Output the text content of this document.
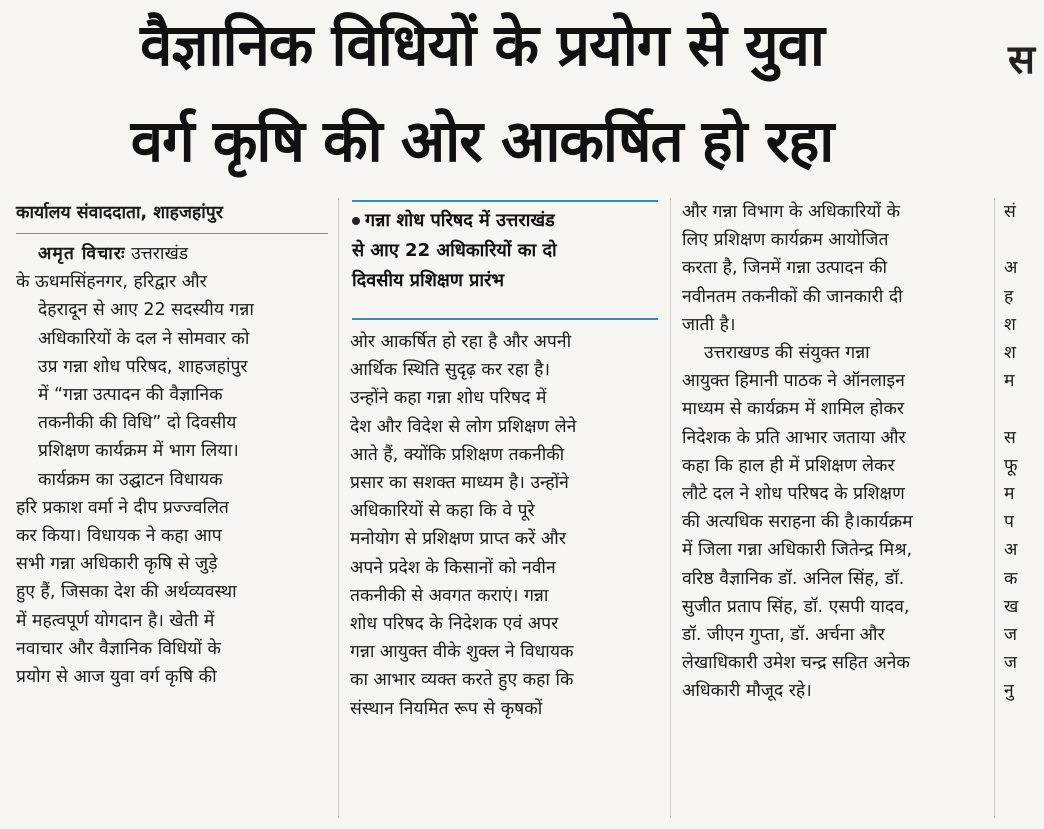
वैज्ञानिक विधियों के प्रयोग से युवा
वर्ग कृषि की ओर आकर्षित हो रहा
स
कार्यालय संवाददाता, शाहजहांपुर

अमृत विचारः उत्तराखंड
के ऊधमसिंहनगर, हरिद्वार और
देहरादून से आए 22 सदस्यीय गन्ना
अधिकारियों के दल ने सोमवार को
उप्र गन्ना शोध परिषद, शाहजहांपुर
में “गन्ना उत्पादन की वैज्ञानिक
तकनीकी की विधि” दो दिवसीय
प्रशिक्षण कार्यक्रम में भाग लिया।

कार्यक्रम का उद्घाटन विधायक
हरि प्रकाश वर्मा ने दीप प्रज्ज्वलित
कर किया। विधायक ने कहा आप
सभी गन्ना अधिकारी कृषि से जुड़े
हुए हैं, जिसका देश की अर्थव्यवस्था
में महत्वपूर्ण योगदान है। खेती में
नवाचार और वैज्ञानिक विधियों के
प्रयोग से आज युवा वर्ग कृषि की

गन्ना शोध परिषद में उत्तराखंड
से आए 22 अधिकारियों का दो
दिवसीय प्रशिक्षण प्रारंभ

ओर आकर्षित हो रहा है और अपनी
आर्थिक स्थिति सुदृढ़ कर रहा है।
उन्होंने कहा गन्ना शोध परिषद में
देश और विदेश से लोग प्रशिक्षण लेने
आते हैं, क्योंकि प्रशिक्षण तकनीकी
प्रसार का सशक्त माध्यम है। उन्होंने
अधिकारियों से कहा कि वे पूरे
मनोयोग से प्रशिक्षण प्राप्त करें और
अपने प्रदेश के किसानों को नवीन
तकनीकी से अवगत कराएं। गन्ना
शोध परिषद के निदेशक एवं अपर
गन्ना आयुक्त वीके शुक्ल ने विधायक
का आभार व्यक्त करते हुए कहा कि
संस्थान नियमित रूप से कृषकों

और गन्ना विभाग के अधिकारियों के
लिए प्रशिक्षण कार्यक्रम आयोजित
करता है, जिनमें गन्ना उत्पादन की
नवीनतम तकनीकों की जानकारी दी
जाती है।

उत्तराखण्ड की संयुक्त गन्ना
आयुक्त हिमानी पाठक ने ऑनलाइन
माध्यम से कार्यक्रम में शामिल होकर
निदेशक के प्रति आभार जताया और
कहा कि हाल ही में प्रशिक्षण लेकर
लौटे दल ने शोध परिषद के प्रशिक्षण
की अत्यधिक सराहना की है।कार्यक्रम
में जिला गन्ना अधिकारी जितेन्द्र मिश्र,
वरिष्ठ वैज्ञानिक डॉ. अनिल सिंह, डॉ.
सुजीत प्रताप सिंह, डॉ. एसपी यादव,
डॉ. जीएन गुप्ता, डॉ. अर्चना और
लेखाधिकारी उमेश चन्द्र सहित अनेक
अधिकारी मौजूद रहे।

सं

अ
ह
श
श
म

स
फू
म
प
अ
क
ख
ज
ज
नु
